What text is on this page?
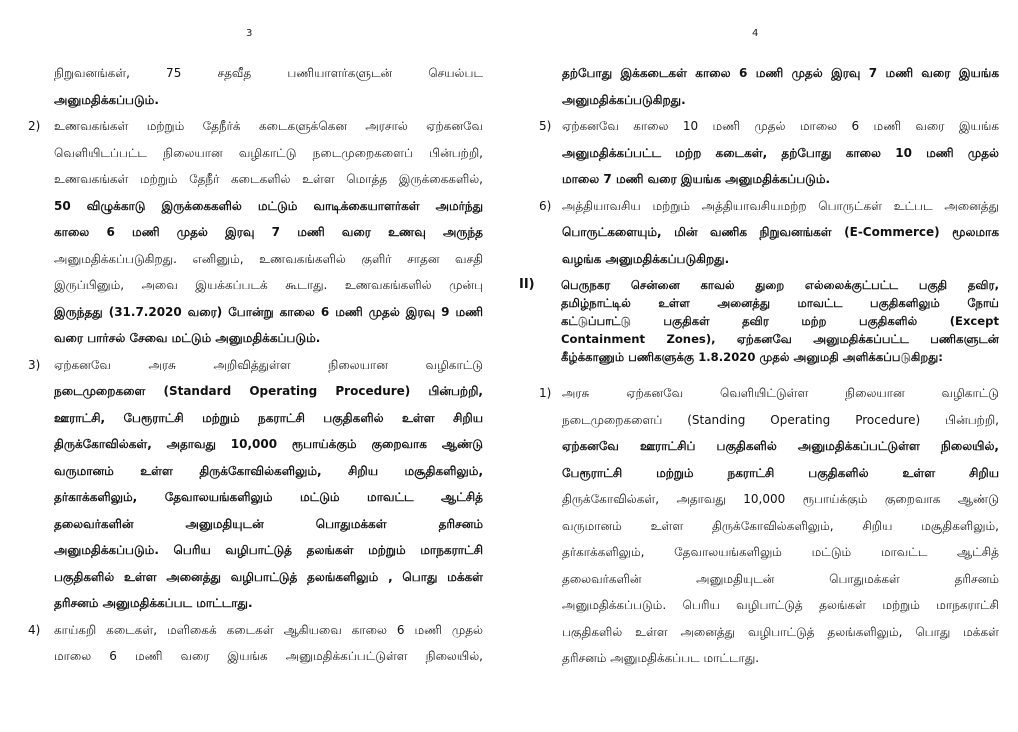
3
நிறுவனங்கள், 75 சதவீத பணியாளர்களுடன் செயல்பட
அனுமதிக்கப்படும்.
2) உணவகங்கள் மற்றும் தேநீர்க் கடைகளுக்கென அரசால் ஏற்கனவே
வெளியிடப்பட்ட நிலையான வழிகாட்டு நடைமுறைகளைப் பின்பற்றி,
உணவகங்கள் மற்றும் தேநீர் கடைகளில் உள்ள மொத்த இருக்கைகளில்,
50 விழுக்காடு இருக்கைகளில் மட்டும் வாடிக்கையாளர்கள் அமர்ந்து
காலை 6 மணி முதல் இரவு 7 மணி வரை உணவு அருந்த
அனுமதிக்கப்படுகிறது. எனினும், உணவகங்களில் குளிர் சாதன வசதி
இருப்பினும், அவை இயக்கப்படக் கூடாது. உணவகங்களில் முன்பு
இருந்தது (31.7.2020 வரை) போன்று காலை 6 மணி முதல் இரவு 9 மணி
வரை பார்சல் சேவை மட்டும் அனுமதிக்கப்படும்.
3) ஏற்கனவே அரசு அறிவித்துள்ள நிலையான வழிகாட்டு
நடைமுறைகளை (Standard Operating Procedure) பின்பற்றி,
ஊராட்சி, பேரூராட்சி மற்றும் நகராட்சி பகுதிகளில் உள்ள சிறிய
திருக்கோவில்கள், அதாவது 10,000 ரூபாய்க்கும் குறைவாக ஆண்டு
வருமானம் உள்ள திருக்கோவில்களிலும், சிறிய மசூதிகளிலும்,
தர்காக்களிலும், தேவாலயங்களிலும் மட்டும் மாவட்ட ஆட்சித்
தலைவர்களின் அனுமதியுடன் பொதுமக்கள் தரிசனம்
அனுமதிக்கப்படும். பெரிய வழிபாட்டுத் தலங்கள் மற்றும் மாநகராட்சி
பகுதிகளில் உள்ள அனைத்து வழிபாட்டுத் தலங்களிலும் , பொது மக்கள்
தரிசனம் அனுமதிக்கப்பட மாட்டாது.
4) காய்கறி கடைகள், மளிகைக் கடைகள் ஆகியவை காலை 6 மணி முதல்
மாலை 6 மணி வரை இயங்க அனுமதிக்கப்பட்டுள்ள நிலையில்,
4
தற்போது இக்கடைகள் காலை 6 மணி முதல் இரவு 7 மணி வரை இயங்க
அனுமதிக்கப்படுகிறது.
5) ஏற்கனவே காலை 10 மணி முதல் மாலை 6 மணி வரை இயங்க
அனுமதிக்கப்பட்ட மற்ற கடைகள், தற்போது காலை 10 மணி முதல்
மாலை 7 மணி வரை இயங்க அனுமதிக்கப்படும்.
6) அத்தியாவசிய மற்றும் அத்தியாவசியமற்ற பொருட்கள் உட்பட அனைத்து
பொருட்களையும், மின் வணிக நிறுவனங்கள் (E-Commerce) மூலமாக
வழங்க அனுமதிக்கப்படுகிறது.
II) பெருநகர சென்னை காவல் துறை எல்லைக்குட்பட்ட பகுதி தவிர,
தமிழ்நாட்டில் உள்ள அனைத்து மாவட்ட பகுதிகளிலும் நோய்
கட்டுப்பாட்டு பகுதிகள் தவிர மற்ற பகுதிகளில் (Except
Containment Zones), ஏற்கனவே அனுமதிக்கப்பட்ட பணிகளுடன்
கீழ்க்காணும் பணிகளுக்கு 1.8.2020 முதல் அனுமதி அளிக்கப்படுகிறது:
1) அரசு ஏற்கனவே வெளியிட்டுள்ள நிலையான வழிகாட்டு
நடைமுறைகளைப் (Standing Operating Procedure) பின்பற்றி,
ஏற்கனவே ஊராட்சிப் பகுதிகளில் அனுமதிக்கப்பட்டுள்ள நிலையில்,
பேரூராட்சி மற்றும் நகராட்சி பகுதிகளில் உள்ள சிறிய
திருக்கோவில்கள், அதாவது 10,000 ரூபாய்க்கும் குறைவாக ஆண்டு
வருமானம் உள்ள திருக்கோவில்களிலும், சிறிய மசூதிகளிலும்,
தர்காக்களிலும், தேவாலயங்களிலும் மட்டும் மாவட்ட ஆட்சித்
தலைவர்களின் அனுமதியுடன் பொதுமக்கள் தரிசனம்
அனுமதிக்கப்படும். பெரிய வழிபாட்டுத் தலங்கள் மற்றும் மாநகராட்சி
பகுதிகளில் உள்ள அனைத்து வழிபாட்டுத் தலங்களிலும், பொது மக்கள்
தரிசனம் அனுமதிக்கப்பட மாட்டாது.
